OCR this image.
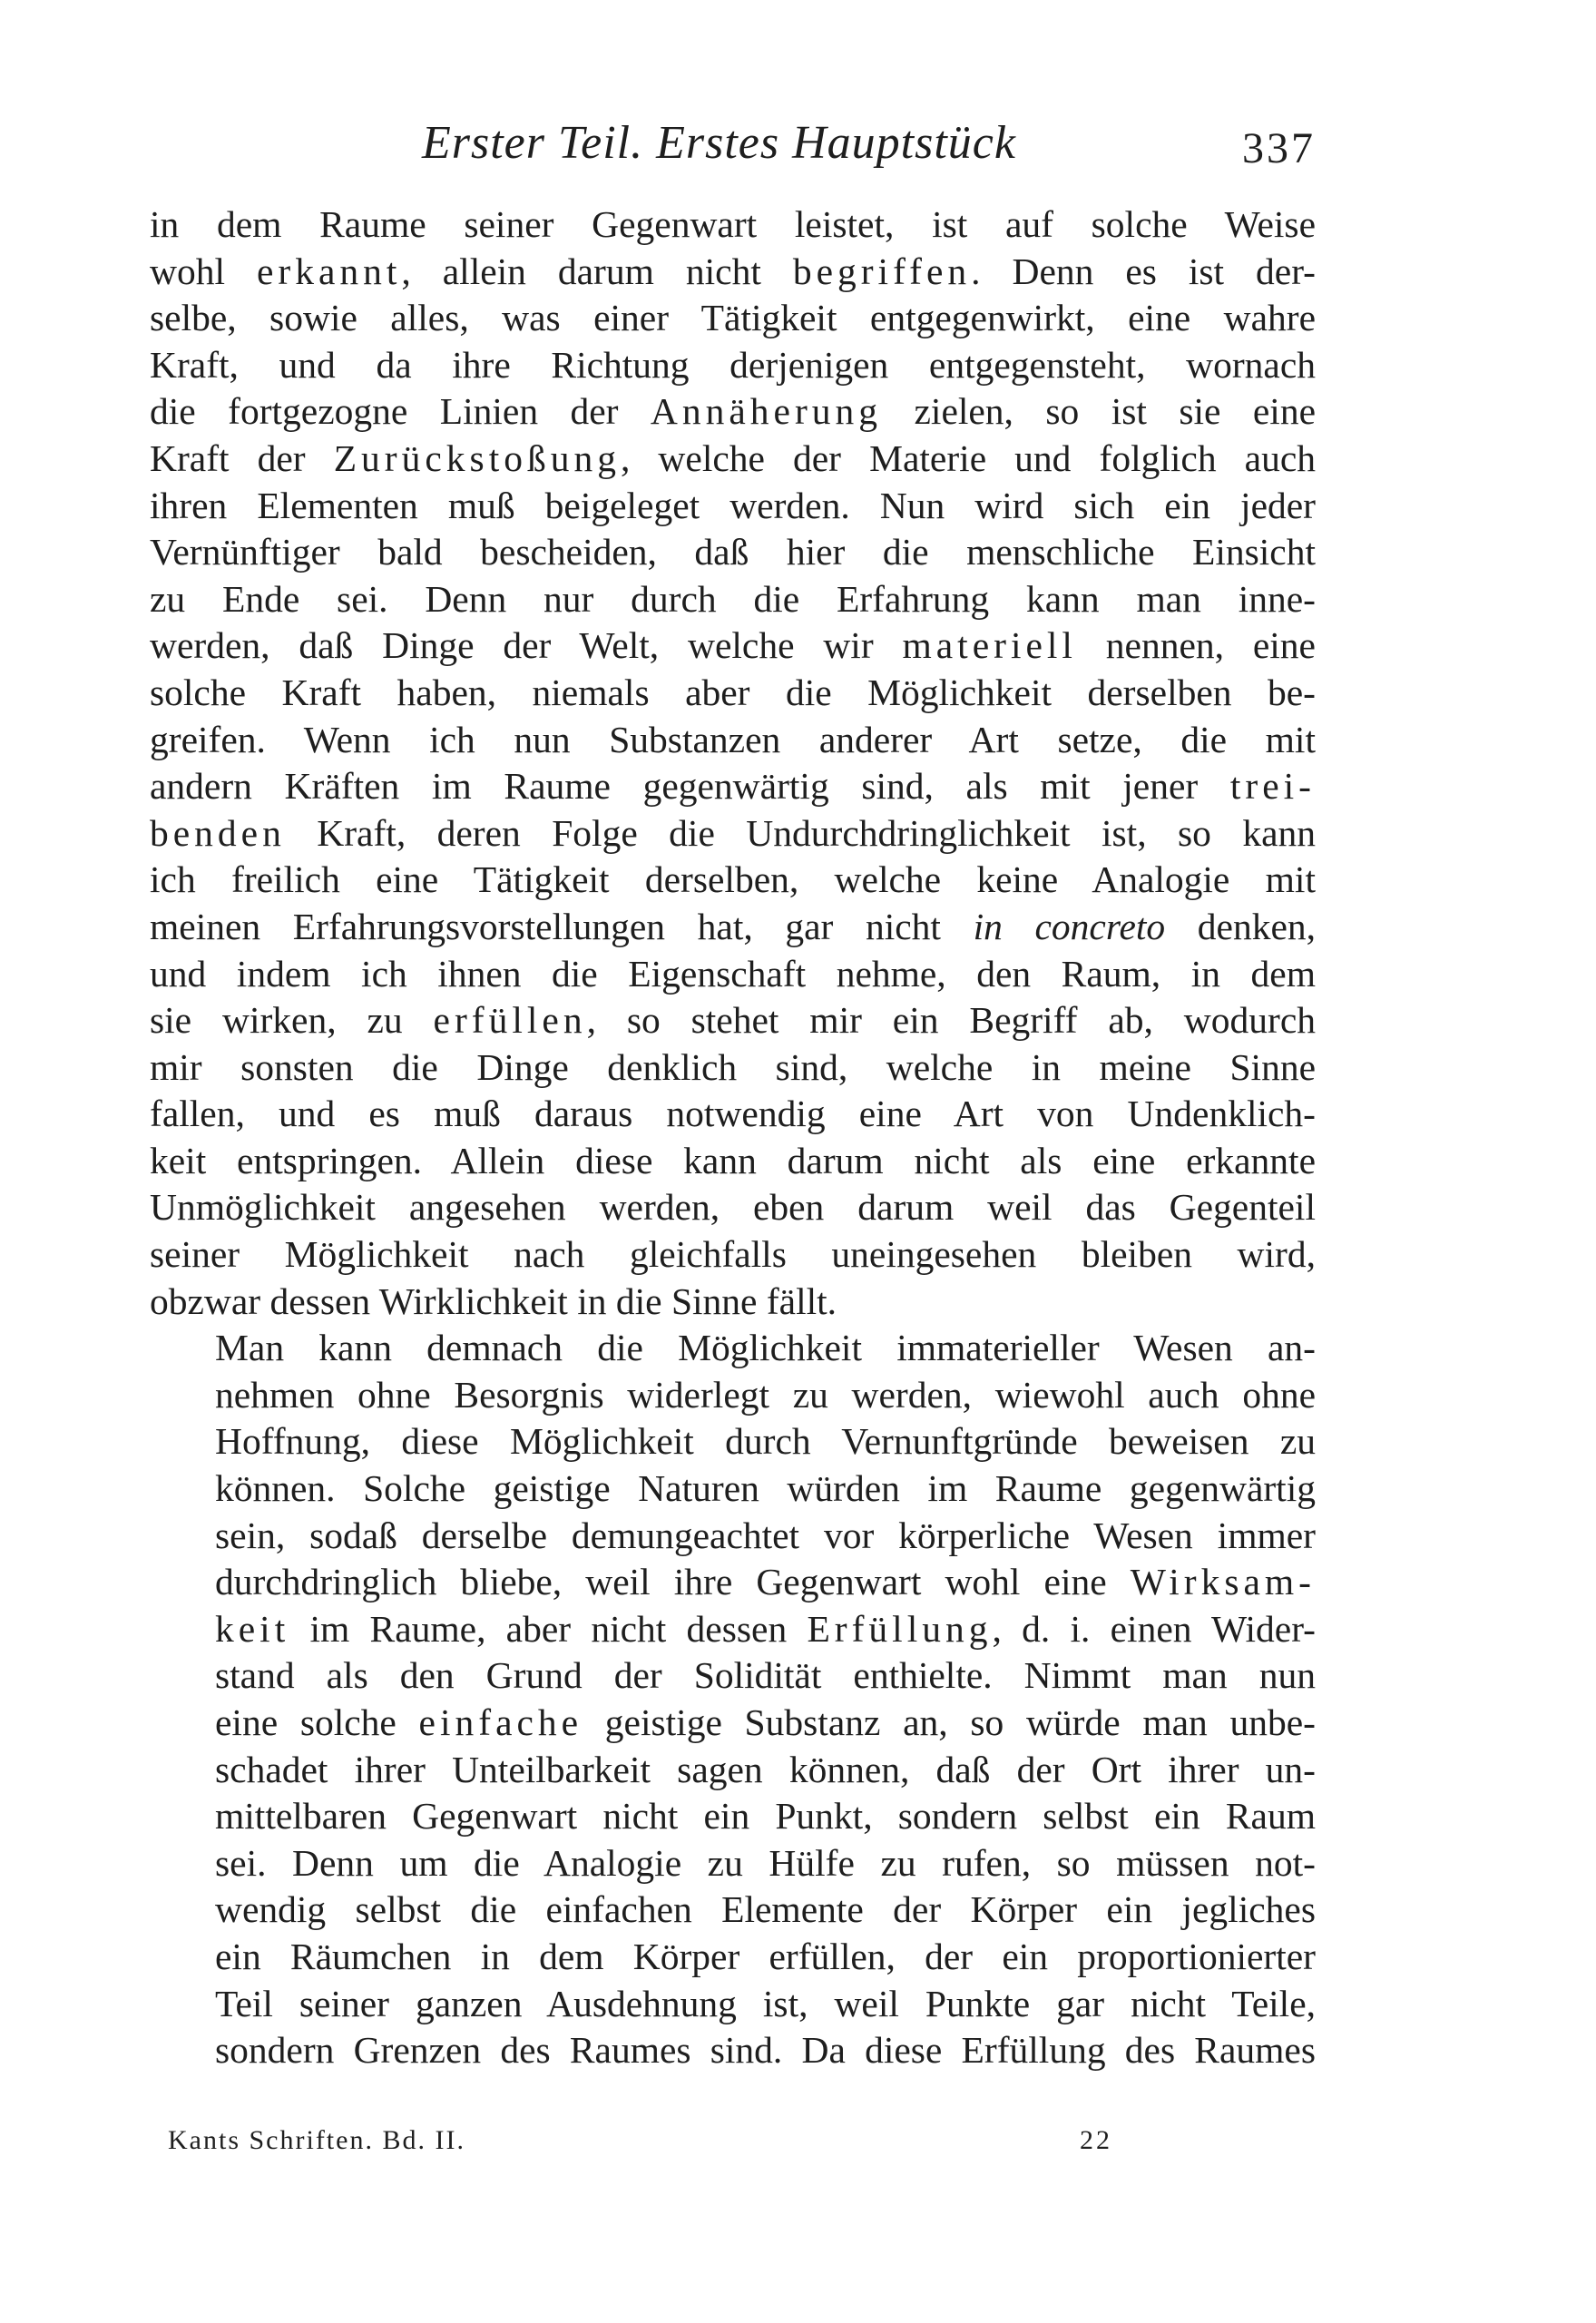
Erster Teil. Erstes Hauptstück	337

in dem Raume seiner Gegenwart leistet, ist auf solche Weise
wohl erkannt, allein darum nicht begriffen. Denn es ist der-
selbe, sowie alles, was einer Tätigkeit entgegenwirkt, eine wahre
Kraft, und da ihre Richtung derjenigen entgegensteht, wornach
die fortgezogne Linien der Annäherung zielen, so ist sie eine
Kraft der Zurückstoßung, welche der Materie und folglich auch
ihren Elementen muß beigeleget werden. Nun wird sich ein jeder
Vernünftiger bald bescheiden, daß hier die menschliche Einsicht
zu Ende sei. Denn nur durch die Erfahrung kann man inne-
werden, daß Dinge der Welt, welche wir materiell nennen, eine
solche Kraft haben, niemals aber die Möglichkeit derselben be-
greifen. Wenn ich nun Substanzen anderer Art setze, die mit
andern Kräften im Raume gegenwärtig sind, als mit jener trei-
benden Kraft, deren Folge die Undurchdringlichkeit ist, so kann
ich freilich eine Tätigkeit derselben, welche keine Analogie mit
meinen Erfahrungsvorstellungen hat, gar nicht in concreto denken,
und indem ich ihnen die Eigenschaft nehme, den Raum, in dem
sie wirken, zu erfüllen, so stehet mir ein Begriff ab, wodurch
mir sonsten die Dinge denklich sind, welche in meine Sinne
fallen, und es muß daraus notwendig eine Art von Undenklich-
keit entspringen. Allein diese kann darum nicht als eine erkannte
Unmöglichkeit angesehen werden, eben darum weil das Gegenteil
seiner Möglichkeit nach gleichfalls uneingesehen bleiben wird,
obzwar dessen Wirklichkeit in die Sinne fällt.

Man kann demnach die Möglichkeit immaterieller Wesen an-
nehmen ohne Besorgnis widerlegt zu werden, wiewohl auch ohne
Hoffnung, diese Möglichkeit durch Vernunftgründe beweisen zu
können. Solche geistige Naturen würden im Raume gegenwärtig
sein, sodaß derselbe demungeachtet vor körperliche Wesen immer
durchdringlich bliebe, weil ihre Gegenwart wohl eine Wirksam-
keit im Raume, aber nicht dessen Erfüllung, d. i. einen Wider-
stand als den Grund der Solidität enthielte. Nimmt man nun
eine solche einfache geistige Substanz an, so würde man unbe-
schadet ihrer Unteilbarkeit sagen können, daß der Ort ihrer un-
mittelbaren Gegenwart nicht ein Punkt, sondern selbst ein Raum
sei. Denn um die Analogie zu Hülfe zu rufen, so müssen not-
wendig selbst die einfachen Elemente der Körper ein jegliches
ein Räumchen in dem Körper erfüllen, der ein proportionierter
Teil seiner ganzen Ausdehnung ist, weil Punkte gar nicht Teile,
sondern Grenzen des Raumes sind. Da diese Erfüllung des Raumes

Kants Schriften. Bd. II.	22
